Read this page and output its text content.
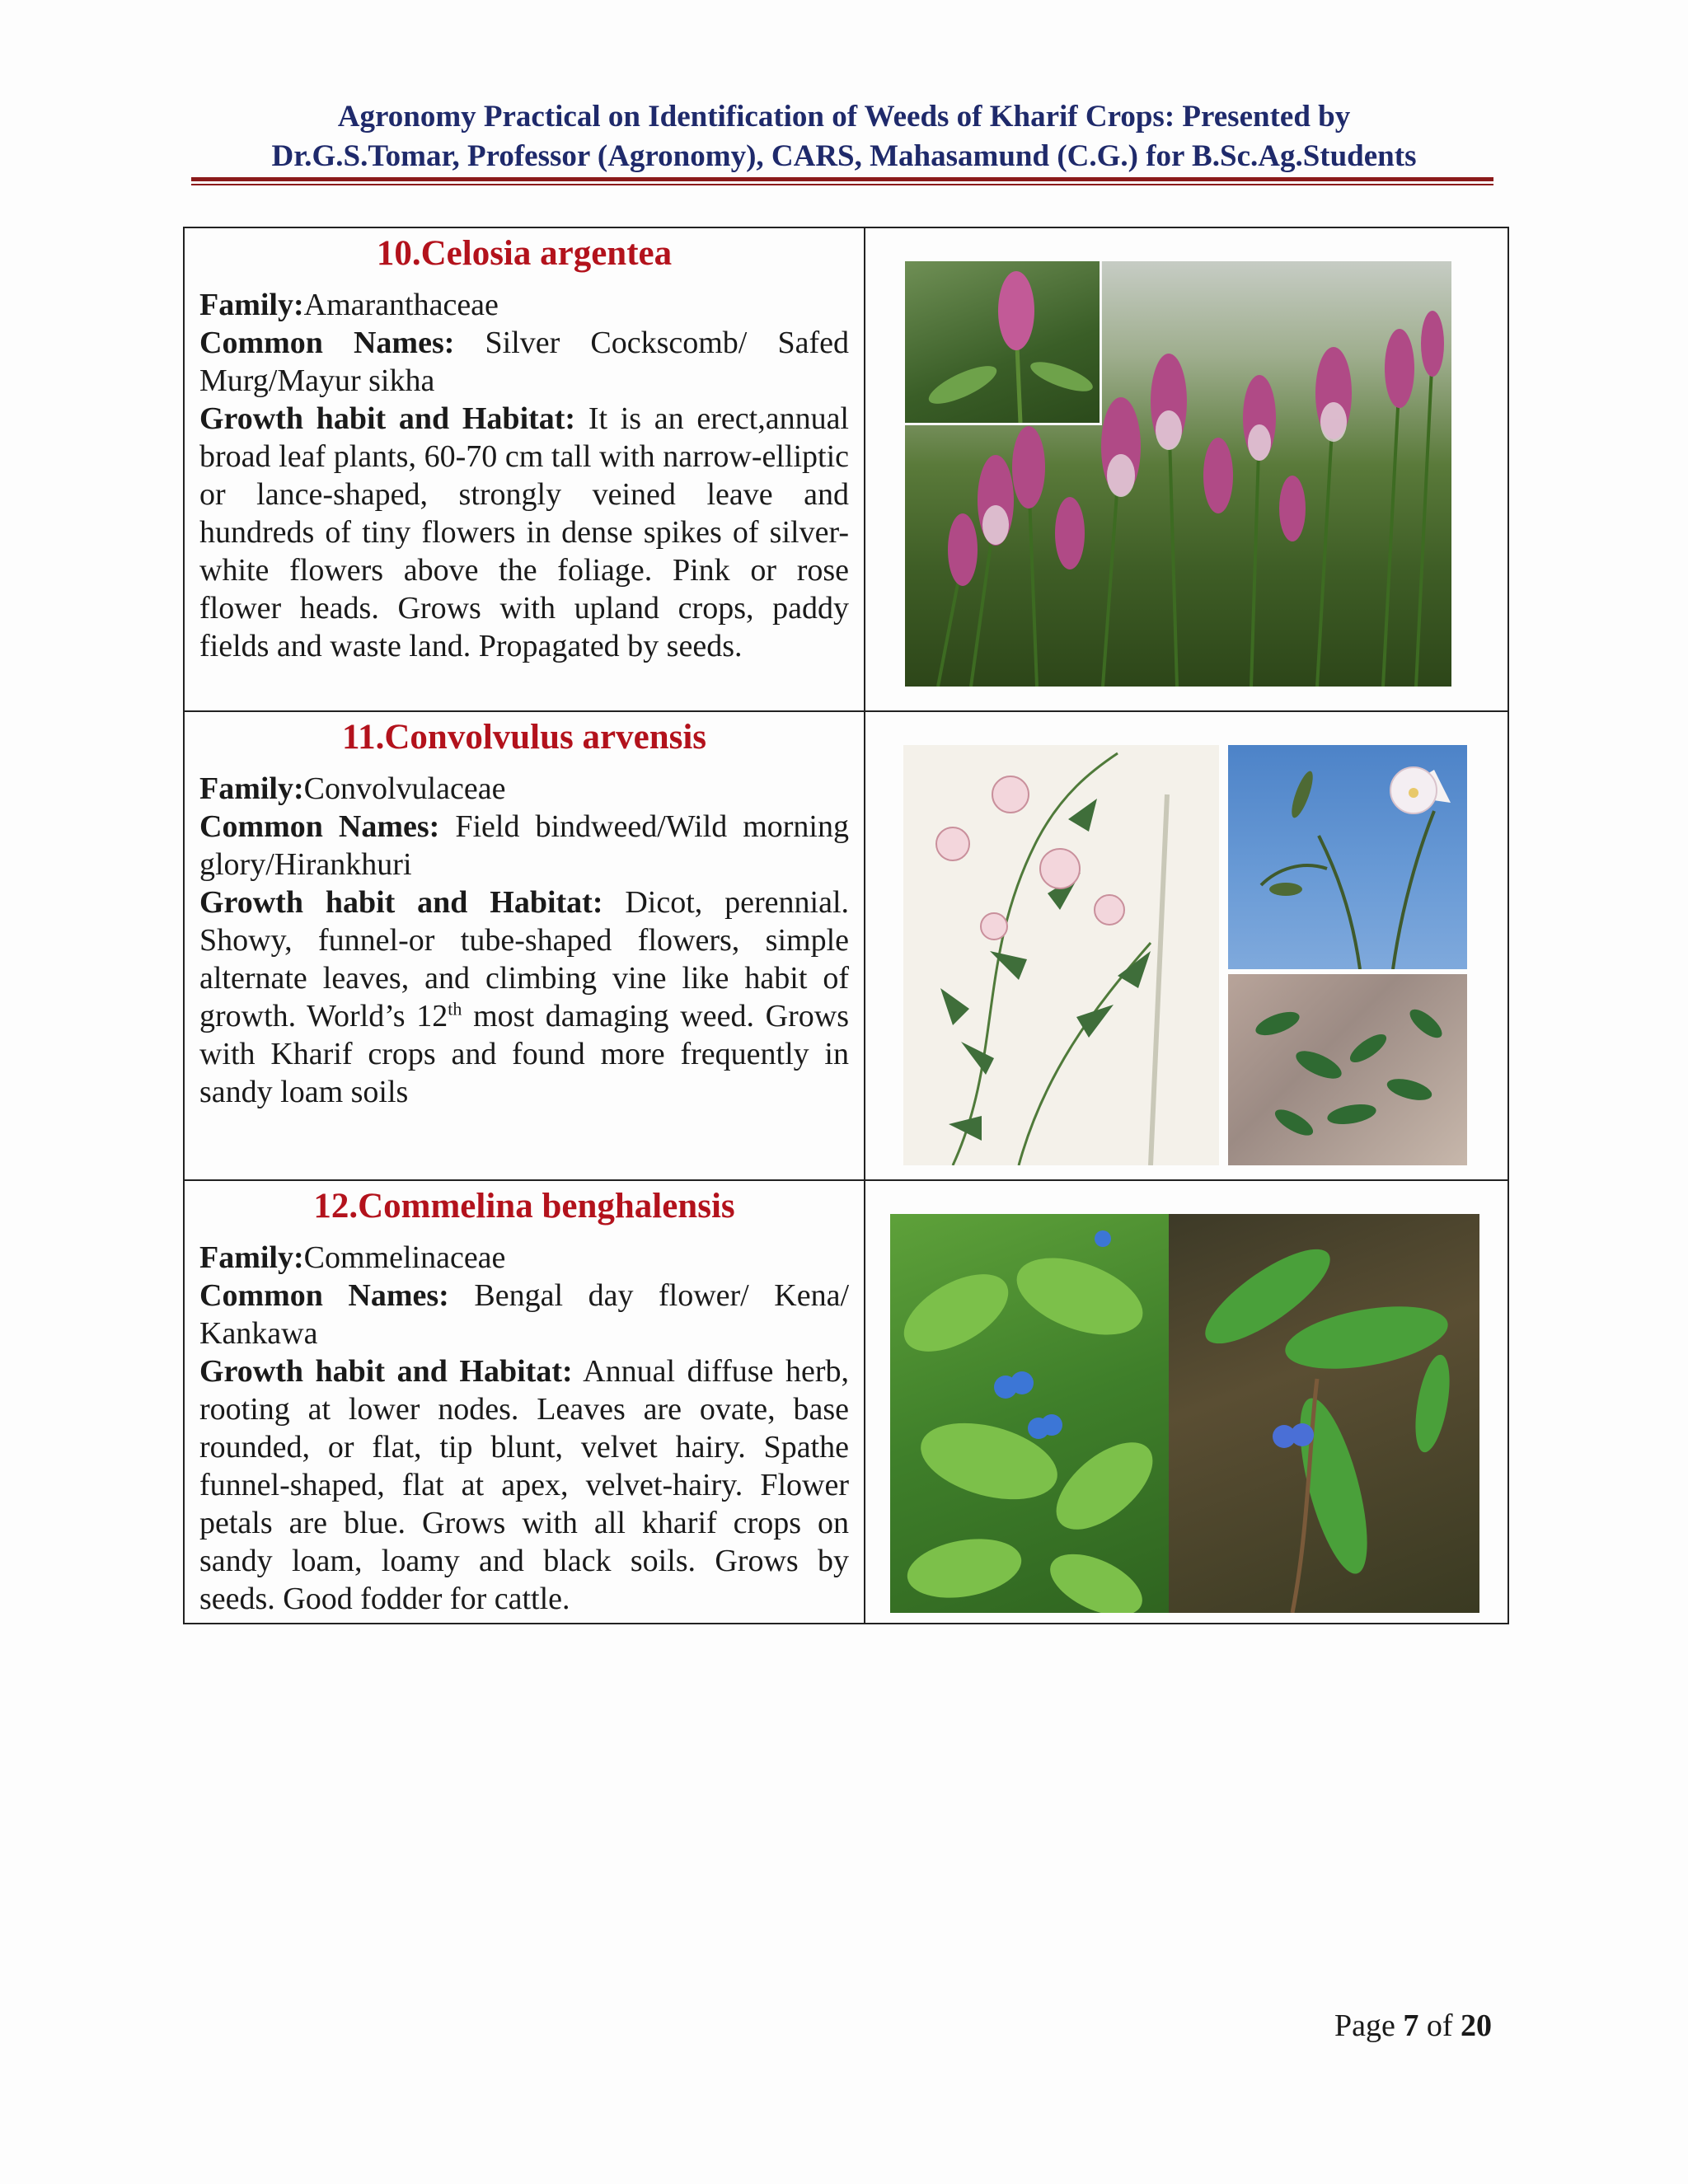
Agronomy Practical on Identification of Weeds of Kharif Crops: Presented by
Dr.G.S.Tomar, Professor (Agronomy), CARS, Mahasamund (C.G.) for B.Sc.Ag.Students
10.Celosia argentea
Family:Amaranthaceae
Common Names: Silver Cockscomb/ Safed Murg/Mayur sikha
Growth habit and Habitat: It is an erect,annual broad leaf plants, 60-70 cm tall with narrow-elliptic or lance-shaped, strongly veined leave and hundreds of tiny flowers in dense spikes of silver-white flowers above the foliage. Pink or rose flower heads. Grows with upland crops, paddy fields and waste land. Propagated by seeds.

11.Convolvulus arvensis
Family:Convolvulaceae
Common Names: Field bindweed/Wild morning glory/Hirankhuri
Growth habit and Habitat: Dicot, perennial. Showy, funnel-or tube-shaped flowers, simple alternate leaves, and climbing vine like habit of growth. World’s 12th most damaging weed. Grows with Kharif crops and found more frequently in sandy loam soils

12.Commelina benghalensis
Family:Commelinaceae
Common Names: Bengal day flower/ Kena/ Kankawa
Growth habit and Habitat: Annual diffuse herb, rooting at lower nodes. Leaves are ovate, base rounded, or flat, tip blunt, velvet hairy. Spathe funnel-shaped, flat at apex, velvet-hairy. Flower petals are blue. Grows with all kharif crops on sandy loam, loamy and black soils. Grows by seeds. Good fodder for cattle.

Page 7 of 20
